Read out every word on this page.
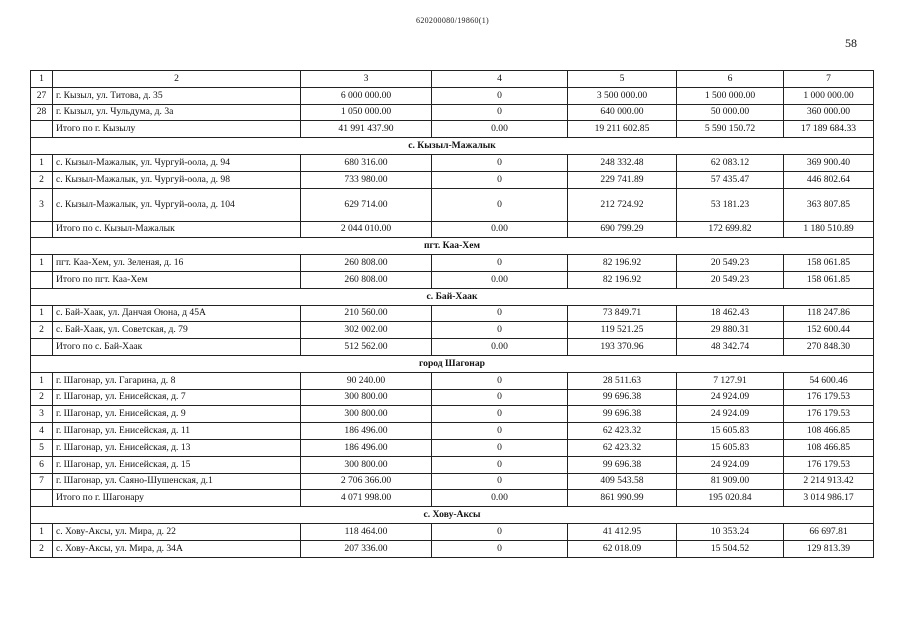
620200080/19860(1)
58
1	2	3	4	5	6	7
27	г. Кызыл, ул. Титова, д. 35	6 000 000.00	0	3 500 000.00	1 500 000.00	1 000 000.00
28	г. Кызыл, ул. Чульдума, д. 3а	1 050 000.00	0	640 000.00	50 000.00	360 000.00
	Итого по г. Кызылу	41 991 437.90	0.00	19 211 602.85	5 590 150.72	17 189 684.33
с. Кызыл-Мажалык						
1	с. Кызыл-Мажалык, ул. Чургуй-оола, д. 94	680 316.00	0	248 332.48	62 083.12	369 900.40
2	с. Кызыл-Мажалык, ул. Чургуй-оола, д. 98	733 980.00	0	229 741.89	57 435.47	446 802.64
3	с. Кызыл-Мажалык, ул. Чургуй-оола, д. 104	629 714.00	0	212 724.92	53 181.23	363 807.85
	Итого по с. Кызыл-Мажалык	2 044 010.00	0.00	690 799.29	172 699.82	1 180 510.89
пгт. Каа-Хем						
1	пгт. Каа-Хем, ул. Зеленая, д. 16	260 808.00	0	82 196.92	20 549.23	158 061.85
	Итого по пгт. Каа-Хем	260 808.00	0.00	82 196.92	20 549.23	158 061.85
с. Бай-Хаак						
1	с. Бай-Хаак, ул. Данчая Оюна, д 45А	210 560.00	0	73 849.71	18 462.43	118 247.86
2	с. Бай-Хаак, ул. Советская, д. 79	302 002.00	0	119 521.25	29 880.31	152 600.44
	Итого по с. Бай-Хаак	512 562.00	0.00	193 370.96	48 342.74	270 848.30
город Шагонар						
1	г. Шагонар, ул. Гагарина, д. 8	90 240.00	0	28 511.63	7 127.91	54 600.46
2	г. Шагонар, ул. Енисейская, д. 7	300 800.00	0	99 696.38	24 924.09	176 179.53
3	г. Шагонар, ул. Енисейская, д. 9	300 800.00	0	99 696.38	24 924.09	176 179.53
4	г. Шагонар, ул. Енисейская, д. 11	186 496.00	0	62 423.32	15 605.83	108 466.85
5	г. Шагонар, ул. Енисейская, д. 13	186 496.00	0	62 423.32	15 605.83	108 466.85
6	г. Шагонар, ул. Енисейская, д. 15	300 800.00	0	99 696.38	24 924.09	176 179.53
7	г. Шагонар, ул. Саяно-Шушенская, д.1	2 706 366.00	0	409 543.58	81 909.00	2 214 913.42
	Итого по г. Шагонару	4 071 998.00	0.00	861 990.99	195 020.84	3 014 986.17
с. Хову-Аксы						
1	с. Хову-Аксы, ул. Мира, д. 22	118 464.00	0	41 412.95	10 353.24	66 697.81
2	с. Хову-Аксы, ул. Мира, д. 34А	207 336.00	0	62 018.09	15 504.52	129 813.39
